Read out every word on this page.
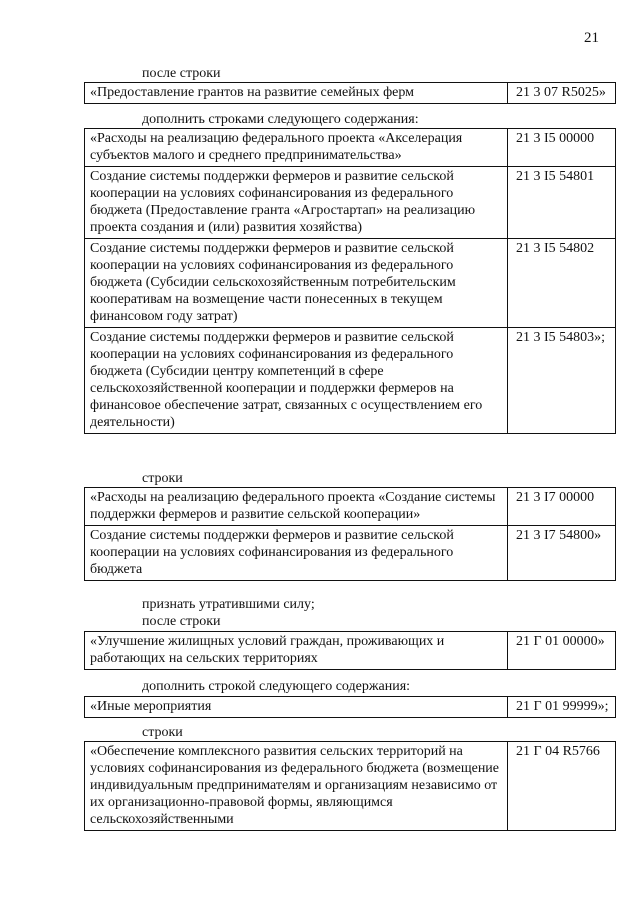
21
после строки
«Предоставление грантов на развитие семейных ферм	21 3 07 R5025»
дополнить строками следующего содержания:
«Расходы на реализацию федерального проекта «Акселерация субъектов малого и среднего предпринимательства»	21 3 I5 00000
Создание системы поддержки фермеров и развитие сельской кооперации на условиях софинансирования из федерального бюджета (Предоставление гранта «Агростартап» на реализацию проекта создания и (или) развития хозяйства)	21 3 I5 54801
Создание системы поддержки фермеров и развитие сельской кооперации на условиях софинансирования из федерального бюджета (Субсидии сельскохозяйственным потребительским кооперативам на возмещение части понесенных в текущем финансовом году затрат)	21 3 I5 54802
Создание системы поддержки фермеров и развитие сельской кооперации на условиях софинансирования из федерального бюджета (Субсидии центру компетенций в сфере сельскохозяйственной кооперации и поддержки фермеров на финансовое обеспечение затрат, связанных с осуществлением его деятельности)	21 3 I5 54803»;
строки
«Расходы на реализацию федерального проекта «Создание системы поддержки фермеров и развитие сельской кооперации»	21 3 I7 00000
Создание системы поддержки фермеров и развитие сельской кооперации на условиях софинансирования из федерального бюджета	21 3 I7 54800»
признать утратившими силу;
после строки
«Улучшение жилищных условий граждан, проживающих и работающих на сельских территориях	21 Г 01 00000»
дополнить строкой следующего содержания:
«Иные мероприятия	21 Г 01 99999»;
строки
«Обеспечение комплексного развития сельских территорий на условиях софинансирования из федерального бюджета (возмещение индивидуальным предпринимателям и организациям независимо от их организационно-правовой формы, являющимся сельскохозяйственными	21 Г 04 R5766
